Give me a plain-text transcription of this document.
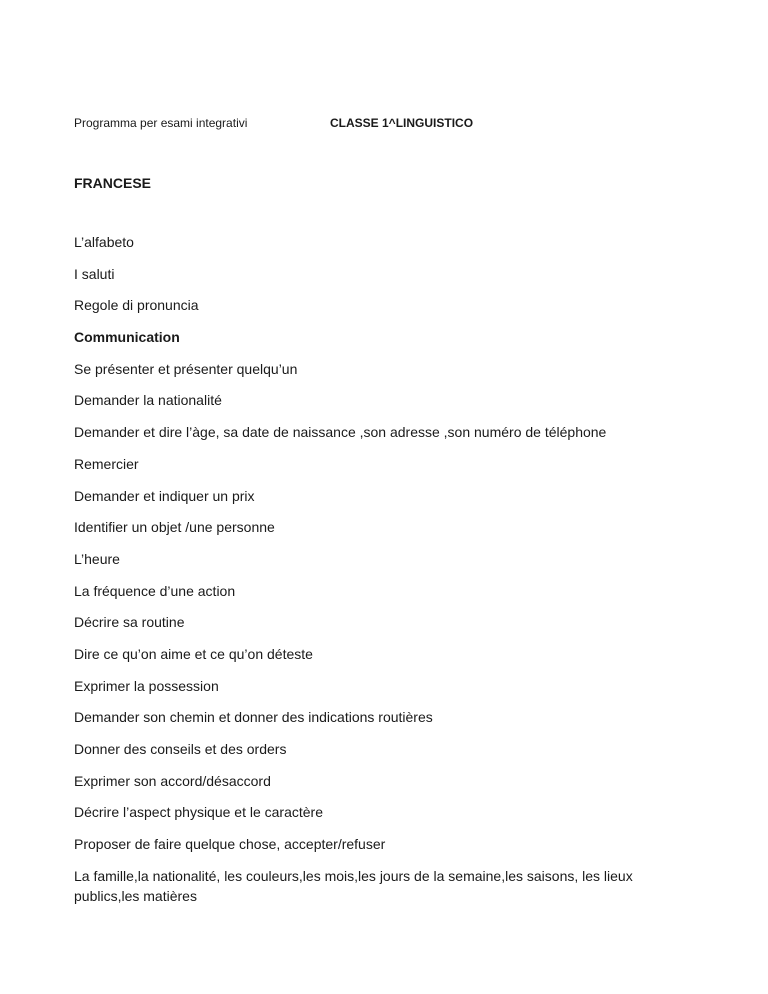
Programma per esami integrativi	CLASSE 1^LINGUISTICO
FRANCESE
L’alfabeto
I saluti
Regole di pronuncia
Communication
Se présenter et présenter quelqu’un
Demander la nationalité
Demander et dire l’àge, sa date de naissance ,son adresse ,son numéro de téléphone
Remercier
Demander et indiquer un prix
Identifier un objet /une personne
L’heure
La fréquence d’une action
Décrire sa routine
Dire ce qu’on aime et ce qu’on déteste
Exprimer la possession
Demander son chemin et donner des indications routières
Donner des conseils et des orders
Exprimer son accord/désaccord
Décrire l’aspect physique et le caractère
Proposer de faire quelque chose, accepter/refuser
La famille,la nationalité, les couleurs,les mois,les jours de la semaine,les saisons, les lieux publics,les matières
